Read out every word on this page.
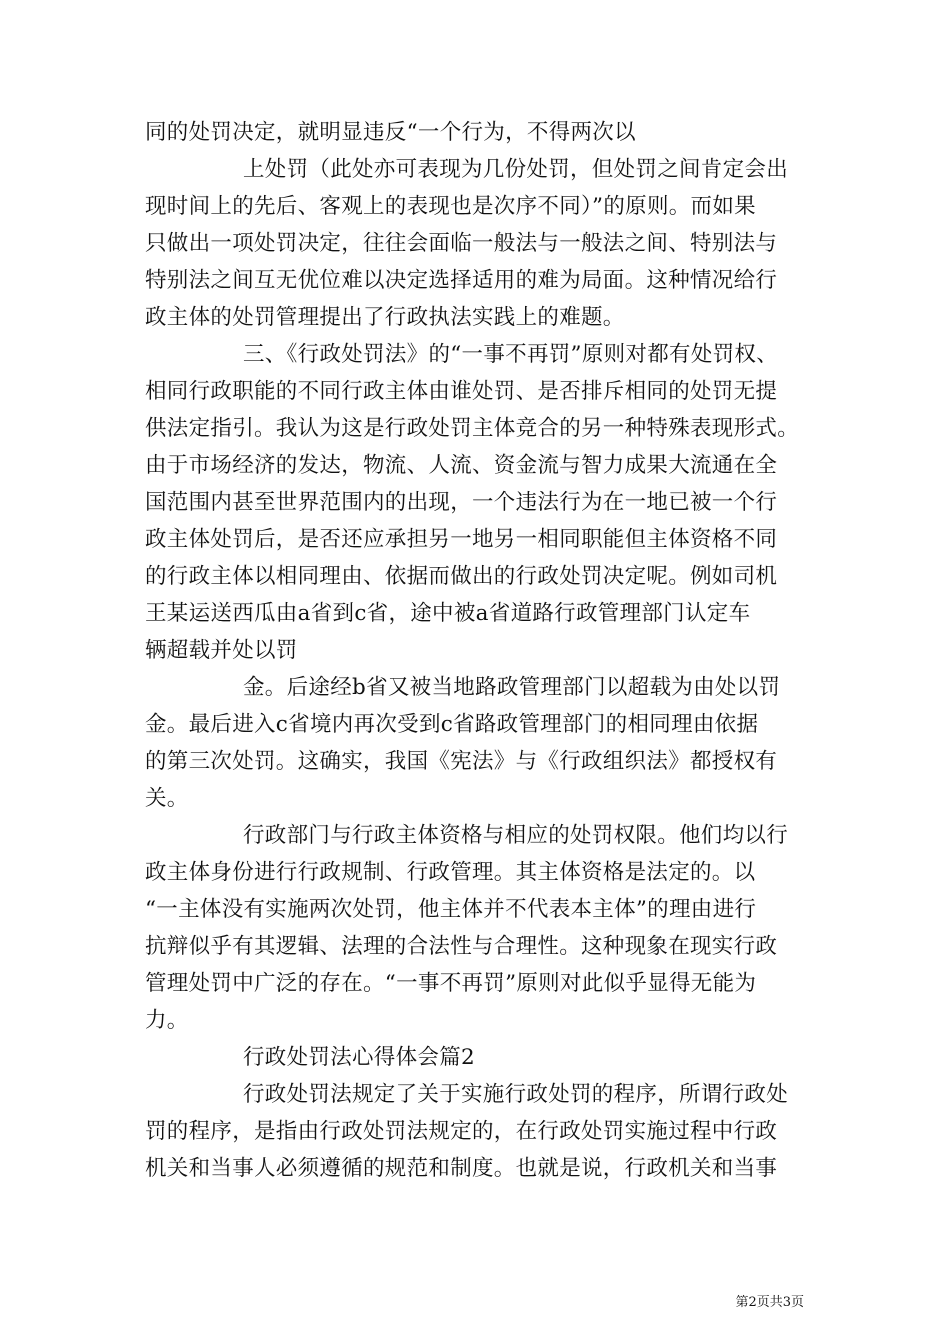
同的处罚决定，就明显违反“一个行为，不得两次以
上处罚（此处亦可表现为几份处罚，但处罚之间肯定会出
现时间上的先后、客观上的表现也是次序不同）”的原则。而如果
只做出一项处罚决定，往往会面临一般法与一般法之间、特别法与
特别法之间互无优位难以决定选择适用的难为局面。这种情况给行
政主体的处罚管理提出了行政执法实践上的难题。
三、《行政处罚法》的“一事不再罚”原则对都有处罚权、
相同行政职能的不同行政主体由谁处罚、是否排斥相同的处罚无提
供法定指引。我认为这是行政处罚主体竞合的另一种特殊表现形式。
由于市场经济的发达，物流、人流、资金流与智力成果大流通在全
国范围内甚至世界范围内的出现，一个违法行为在一地已被一个行
政主体处罚后，是否还应承担另一地另一相同职能但主体资格不同
的行政主体以相同理由、依据而做出的行政处罚决定呢。例如司机
王某运送西瓜由a省到c省，途中被a省道路行政管理部门认定车
辆超载并处以罚
金。后途经b省又被当地路政管理部门以超载为由处以罚
金。最后进入c省境内再次受到c省路政管理部门的相同理由依据
的第三次处罚。这确实，我国《宪法》与《行政组织法》都授权有
关。
行政部门与行政主体资格与相应的处罚权限。他们均以行
政主体身份进行行政规制、行政管理。其主体资格是法定的。以
“一主体没有实施两次处罚，他主体并不代表本主体”的理由进行
抗辩似乎有其逻辑、法理的合法性与合理性。这种现象在现实行政
管理处罚中广泛的存在。“一事不再罚”原则对此似乎显得无能为
力。
行政处罚法心得体会篇2
行政处罚法规定了关于实施行政处罚的程序，所谓行政处
罚的程序，是指由行政处罚法规定的，在行政处罚实施过程中行政
机关和当事人必须遵循的规范和制度。也就是说，行政机关和当事
第2页共3页
